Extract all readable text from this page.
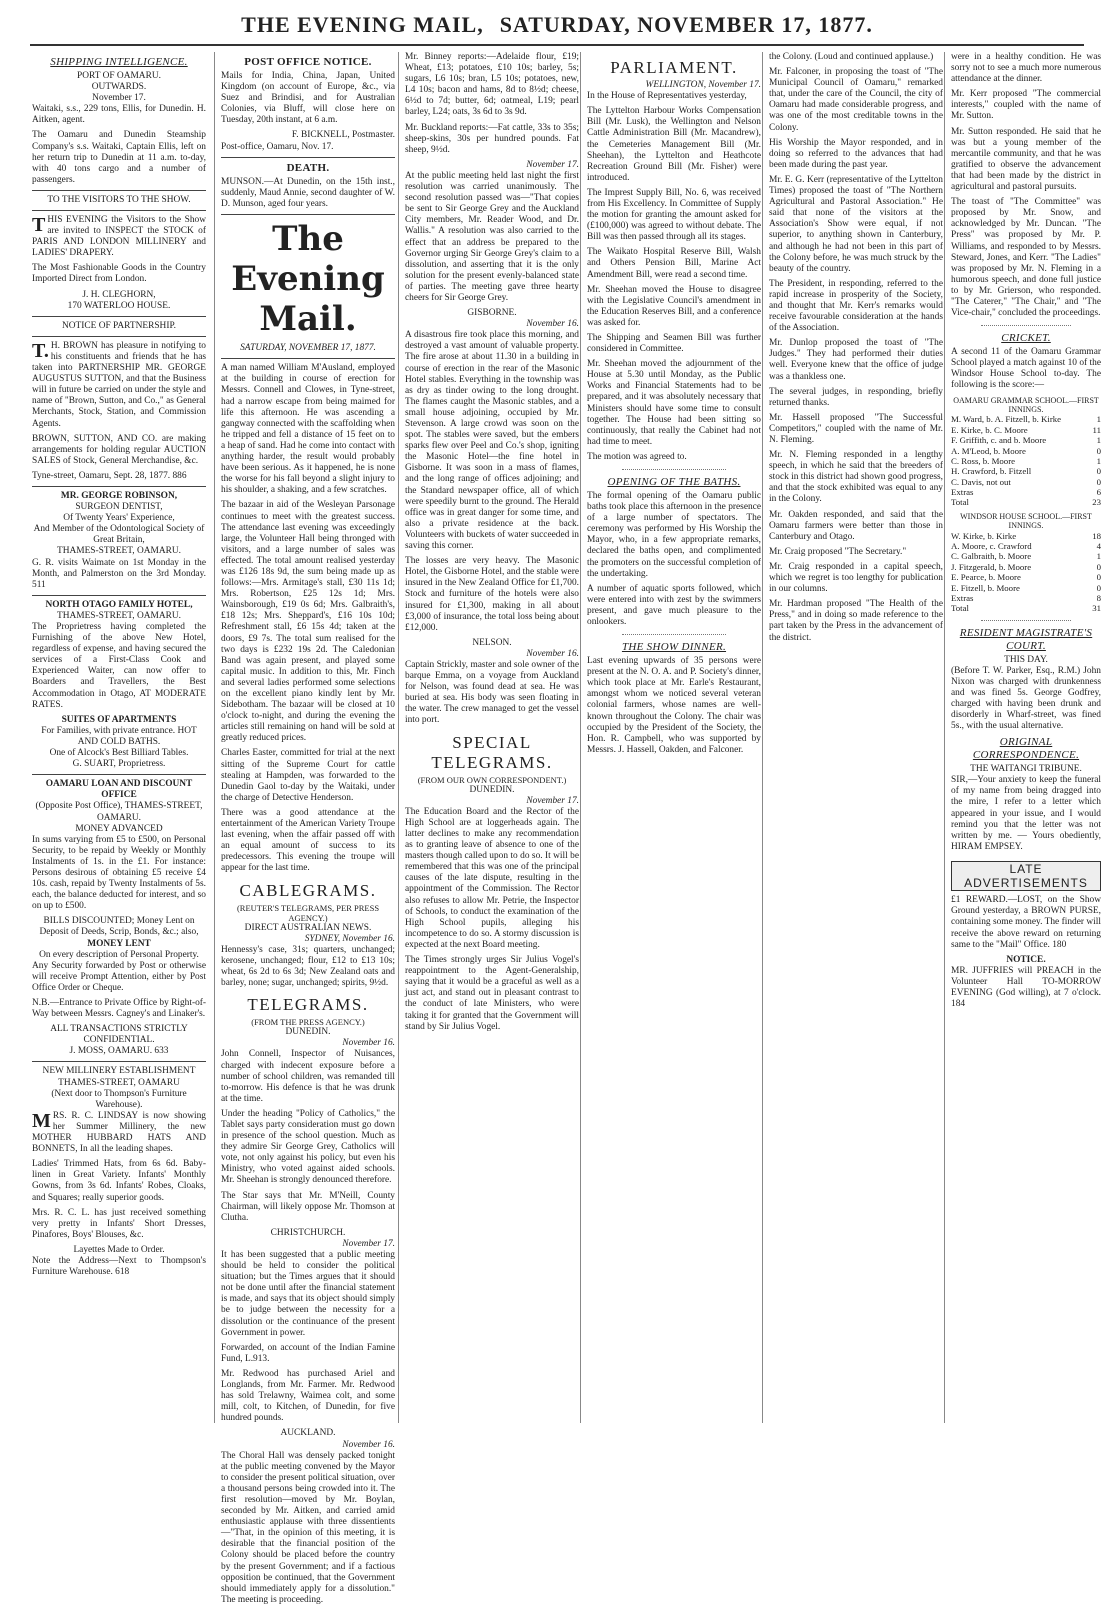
THE EVENING MAIL, SATURDAY, NOVEMBER 17, 1877.
SHIPPING INTELLIGENCE.
PORT OF OAMARU.
OUTWARDS.
November 17.

Waitaki, s.s., 229 tons, Ellis, for Dunedin. H. Aitken, agent.

The Oamaru and Dunedin Steamship Company's s.s. Waitaki, Captain Ellis, left on her return trip to Dunedin at 11 a.m. to-day, with 40 tons cargo and a number of passengers.

TO THE VISITORS TO THE SHOW.

THIS EVENING the Visitors to the Show are invited to INSPECT the STOCK of PARIS AND LONDON MILLINERY and LADIES' DRAPERY.

The Most Fashionable Goods in the Country Imported Direct from London.

J. H. CLEGHORN,
170 WATERLOO HOUSE.
NOTICE OF PARTNERSHIP.

T.H. BROWN has pleasure in notifying to his constituents and friends that he has taken into PARTNERSHIP MR. GEORGE AUGUSTUS SUTTON, and that the Business will in future be carried on under the style and name of "Brown, Sutton, and Co.," as General Merchants, Stock, Station, and Commission Agents.

BROWN, SUTTON, AND CO. are making arrangements for holding regular AUCTION SALES of Stock, General Merchandise, &c.

Tyne-street, Oamaru, Sept. 28, 1877. 886
MR. GEORGE ROBINSON,
SURGEON DENTIST,
Of Twenty Years' Experience,
And Member of the Odontological Society of Great Britain,
THAMES-STREET, OAMARU.

G. R. visits Waimate on 1st Monday in the Month, and Palmerston on the 3rd Monday. 511

NORTH OTAGO FAMILY HOTEL,
THAMES-STREET, OAMARU.

The Proprietress having completed the Furnishing of the above New Hotel, regardless of expense, and having secured the services of a First-Class Cook and Experienced Waiter, can now offer to Boarders and Travellers, the Best Accommodation in Otago, AT MODERATE RATES.

SUITES OF APARTMENTS
For Families, with private entrance. HOT AND COLD BATHS.
One of Alcock's Best Billiard Tables.
G. SUART, Proprietress.
OAMARU LOAN AND DISCOUNT OFFICE
(Opposite Post Office), THAMES-STREET, OAMARU.
MONEY ADVANCED

In sums varying from £5 to £500, on Personal Security, to be repaid by Weekly or Monthly Instalments of 1s. in the £1. For instance: Persons desirous of obtaining £5 receive £4 10s. cash, repaid by Twenty Instalments of 5s. each, the balance deducted for interest, and so on up to £500.

BILLS DISCOUNTED; Money Lent on Deposit of Deeds, Scrip, Bonds, &c.; also,
MONEY LENT
On every description of Personal Property.

Any Security forwarded by Post or otherwise will receive Prompt Attention, either by Post Office Order or Cheque.

N.B.—Entrance to Private Office by Right-of-Way between Messrs. Cagney's and Linaker's.

ALL TRANSACTIONS STRICTLY CONFIDENTIAL.
J. MOSS, OAMARU. 633
NEW MILLINERY ESTABLISHMENT
THAMES-STREET, OAMARU
(Next door to Thompson's Furniture Warehouse).

MRS. R. C. LINDSAY is now showing her Summer Millinery, the new MOTHER HUBBARD HATS AND BONNETS, In all the leading shapes.

Ladies' Trimmed Hats, from 6s 6d. Baby-linen in Great Variety. Infants' Monthly Gowns, from 3s 6d. Infants' Robes, Cloaks, and Squares; really superior goods.

Mrs. R. C. L. has just received something very pretty in Infants' Short Dresses, Pinafores, Boys' Blouses, &c.

Layettes Made to Order.

Note the Address—Next to Thompson's Furniture Warehouse. 618

POST OFFICE NOTICE.

Mails for India, China, Japan, United Kingdom (on account of Europe, &c., via Suez and Brindisi, and for Australian Colonies, via Bluff, will close here on Tuesday, 20th instant, at 6 a.m.

F. BICKNELL, Postmaster.
Post-office, Oamaru, Nov. 17.
DEATH.

MUNSON.—At Dunedin, on the 15th inst., suddenly, Maud Annie, second daughter of W. D. Munson, aged four years.

The Evening Mail.
SATURDAY, NOVEMBER 17, 1877.

A man named William M'Ausland, employed at the building in course of erection for Messrs. Connell and Clowes, in Tyne-street, had a narrow escape from being maimed for life this afternoon. He was ascending a gangway connected with the scaffolding when he tripped and fell a distance of 15 feet on to a heap of sand. Had he come into contact with anything harder, the result would probably have been serious. As it happened, he is none the worse for his fall beyond a slight injury to his shoulder, a shaking, and a few scratches.

The bazaar in aid of the Wesleyan Parsonage continues to meet with the greatest success. The attendance last evening was exceedingly large, the Volunteer Hall being thronged with visitors, and a large number of sales was effected. The total amount realised yesterday was £126 18s 9d, the sum being made up as follows:—Mrs. Armitage's stall, £30 11s 1d; Mrs. Robertson, £25 12s 1d; Mrs. Wainsborough, £19 0s 6d; Mrs. Galbraith's, £18 12s; Mrs. Sheppard's, £16 10s 10d; Refreshment stall, £6 15s 4d; taken at the doors, £9 7s. The total sum realised for the two days is £232 19s 2d. The Caledonian Band was again present, and played some capital music. In addition to this, Mr. Finch and several ladies performed some selections on the excellent piano kindly lent by Mr. Sidebotham. The bazaar will be closed at 10 o'clock to-night, and during the evening the articles still remaining on hand will be sold at greatly reduced prices.

Charles Easter, committed for trial at the next sitting of the Supreme Court for cattle stealing at Hampden, was forwarded to the Dunedin Gaol to-day by the Waitaki, under the charge of Detective Henderson.

There was a good attendance at the entertainment of the American Variety Troupe last evening, when the affair passed off with an equal amount of success to its predecessors. This evening the troupe will appear for the last time.

CABLEGRAMS.
(REUTER'S TELEGRAMS, PER PRESS AGENCY.)
DIRECT AUSTRALIAN NEWS.
SYDNEY, November 16.

Hennessy's case, 31s; quarters, unchanged; kerosene, unchanged; flour, £12 to £13 10s; wheat, 6s 2d to 6s 3d; New Zealand oats and barley, none; sugar, unchanged; spirits, 9½d.

TELEGRAMS.
(FROM THE PRESS AGENCY.)
DUNEDIN.
November 16.

John Connell, Inspector of Nuisances, charged with indecent exposure before a number of school children, was remanded till to-morrow. His defence is that he was drunk at the time.

Under the heading "Policy of Catholics," the Tablet says party consideration must go down in presence of the school question. Much as they admire Sir George Grey, Catholics will vote, not only against his policy, but even his Ministry, who voted against aided schools. Mr. Sheehan is strongly denounced therefore.

The Star says that Mr. M'Neill, County Chairman, will likely oppose Mr. Thomson at Clutha.

CHRISTCHURCH.
November 17.

It has been suggested that a public meeting should be held to consider the political situation; but the Times argues that it should not be done until after the financial statement is made, and says that its object should simply be to judge between the necessity for a dissolution or the continuance of the present Government in power.

Forwarded, on account of the Indian Famine Fund, L.913.

Mr. Redwood has purchased Ariel and Longlands, from Mr. Farmer. Mr. Redwood has sold Trelawny, Waimea colt, and some mill, colt, to Kitchen, of Dunedin, for five hundred pounds.

AUCKLAND.
November 16.

The Choral Hall was densely packed tonight at the public meeting convened by the Mayor to consider the present political situation, over a thousand persons being crowded into it. The first resolution—moved by Mr. Boylan, seconded by Mr. Aitken, and carried amid enthusiastic applause with three dissentients—"That, in the opinion of this meeting, it is desirable that the financial position of the Colony should be placed before the country by the present Government; and if a factious opposition be continued, that the Government should immediately apply for a dissolution." The meeting is proceeding.

Mr. Binney reports:—Adelaide flour, £19; Wheat, £13; potatoes, £10 10s; barley, 5s; sugars, L6 10s; bran, L5 10s; potatoes, new, L4 10s; bacon and hams, 8d to 8½d; cheese, 6½d to 7d; butter, 6d; oatmeal, L19; pearl barley, L24; oats, 3s 6d to 3s 9d.

Mr. Buckland reports:—Fat cattle, 33s to 35s; sheep-skins, 30s per hundred pounds. Fat sheep, 9½d.

November 17.

At the public meeting held last night the first resolution was carried unanimously. The second resolution passed was—"That copies be sent to Sir George Grey and the Auckland City members, Mr. Reader Wood, and Dr. Wallis." A resolution was also carried to the effect that an address be prepared to the Governor urging Sir George Grey's claim to a dissolution, and asserting that it is the only solution for the present evenly-balanced state of parties. The meeting gave three hearty cheers for Sir George Grey.

GISBORNE.
November 16.

A disastrous fire took place this morning, and destroyed a vast amount of valuable property. The fire arose at about 11.30 in a building in course of erection in the rear of the Masonic Hotel stables. Everything in the township was as dry as tinder owing to the long drought. The flames caught the Masonic stables, and a small house adjoining, occupied by Mr. Stevenson. A large crowd was soon on the spot. The stables were saved, but the embers sparks flew over Peel and Co.'s shop, igniting the Masonic Hotel—the fine hotel in Gisborne. It was soon in a mass of flames, and the long range of offices adjoining; and the Standard newspaper office, all of which were speedily burnt to the ground. The Herald office was in great danger for some time, and also a private residence at the back. Volunteers with buckets of water succeeded in saving this corner.

The losses are very heavy. The Masonic Hotel, the Gisborne Hotel, and the stable were insured in the New Zealand Office for £1,700. Stock and furniture of the hotels were also insured for £1,300, making in all about £3,000 of insurance, the total loss being about £12,000.

NELSON.
November 16.

Captain Strickly, master and sole owner of the barque Emma, on a voyage from Auckland for Nelson, was found dead at sea. He was buried at sea. His body was seen floating in the water. The crew managed to get the vessel into port.

SPECIAL TELEGRAMS.
(FROM OUR OWN CORRESPONDENT.)
DUNEDIN.
November 17.

The Education Board and the Rector of the High School are at loggerheads again. The latter declines to make any recommendation as to granting leave of absence to one of the masters though called upon to do so. It will be remembered that this was one of the principal causes of the late dispute, resulting in the appointment of the Commission. The Rector also refuses to allow Mr. Petrie, the Inspector of Schools, to conduct the examination of the High School pupils, alleging his incompetence to do so. A stormy discussion is expected at the next Board meeting.

The Times strongly urges Sir Julius Vogel's reappointment to the Agent-Generalship, saying that it would be a graceful as well as a just act, and stand out in pleasant contrast to the conduct of late Ministers, who were taking it for granted that the Government will stand by Sir Julius Vogel.

PARLIAMENT.
WELLINGTON, November 17.

In the House of Representatives yesterday,

The Lyttelton Harbour Works Compensation Bill (Mr. Lusk), the Wellington and Nelson Cattle Administration Bill (Mr. Macandrew), the Cemeteries Management Bill (Mr. Sheehan), the Lyttelton and Heathcote Recreation Ground Bill (Mr. Fisher) were introduced.

The Imprest Supply Bill, No. 6, was received from His Excellency. In Committee of Supply the motion for granting the amount asked for (£100,000) was agreed to without debate. The Bill was then passed through all its stages.

The Waikato Hospital Reserve Bill, Walsh and Others Pension Bill, Marine Act Amendment Bill, were read a second time.

Mr. Sheehan moved the House to disagree with the Legislative Council's amendment in the Education Reserves Bill, and a conference was asked for.

The Shipping and Seamen Bill was further considered in Committee.

Mr. Sheehan moved the adjournment of the House at 5.30 until Monday, as the Public Works and Financial Statements had to be prepared, and it was absolutely necessary that Ministers should have some time to consult together. The House had been sitting so continuously, that really the Cabinet had not had time to meet.

The motion was agreed to.

OPENING OF THE BATHS.

The formal opening of the Oamaru public baths took place this afternoon in the presence of a large number of spectators. The ceremony was performed by His Worship the Mayor, who, in a few appropriate remarks, declared the baths open, and complimented the promoters on the successful completion of the undertaking.

A number of aquatic sports followed, which were entered into with zest by the swimmers present, and gave much pleasure to the onlookers.

THE SHOW DINNER.

Last evening upwards of 35 persons were present at the N. O. A. and P. Society's dinner, which took place at Mr. Earle's Restaurant, amongst whom we noticed several veteran colonial farmers, whose names are well-known throughout the Colony. The chair was occupied by the President of the Society, the Hon. R. Campbell, who was supported by Messrs. J. Hassell, Oakden, and Falconer.

the Colony. (Loud and continued applause.)

Mr. Falconer, in proposing the toast of "The Municipal Council of Oamaru," remarked that, under the care of the Council, the city of Oamaru had made considerable progress, and was one of the most creditable towns in the Colony.

His Worship the Mayor responded, and in doing so referred to the advances that had been made during the past year.

Mr. E. G. Kerr (representative of the Lyttelton Times) proposed the toast of "The Northern Agricultural and Pastoral Association." He said that none of the visitors at the Association's Show were equal, if not superior, to anything shown in Canterbury, and although he had not been in this part of the Colony before, he was much struck by the beauty of the country.

The President, in responding, referred to the rapid increase in prosperity of the Society, and thought that Mr. Kerr's remarks would receive favourable consideration at the hands of the Association.

Mr. Dunlop proposed the toast of "The Judges." They had performed their duties well. Everyone knew that the office of judge was a thankless one.

The several judges, in responding, briefly returned thanks.

Mr. Hassell proposed "The Successful Competitors," coupled with the name of Mr. N. Fleming.

Mr. N. Fleming responded in a lengthy speech, in which he said that the breeders of stock in this district had shown good progress, and that the stock exhibited was equal to any in the Colony.

Mr. Oakden responded, and said that the Oamaru farmers were better than those in Canterbury and Otago.

Mr. Craig proposed "The Secretary."

Mr. Craig responded in a capital speech, which we regret is too lengthy for publication in our columns.

Mr. Hardman proposed "The Health of the Press," and in doing so made reference to the part taken by the Press in the advancement of the district.

were in a healthy condition. He was sorry not to see a much more numerous attendance at the dinner.

Mr. Kerr proposed "The commercial interests," coupled with the name of Mr. Sutton.

Mr. Sutton responded. He said that he was but a young member of the mercantile community, and that he was gratified to observe the advancement that had been made by the district in agricultural and pastoral pursuits.

The toast of "The Committee" was proposed by Mr. Snow, and acknowledged by Mr. Duncan. "The Press" was proposed by Mr. P. Williams, and responded to by Messrs. Steward, Jones, and Kerr. "The Ladies" was proposed by Mr. N. Fleming in a humorous speech, and done full justice to by Mr. Grierson, who responded. "The Caterer," "The Chair," and "The Vice-chair," concluded the proceedings.

CRICKET.

A second 11 of the Oamaru Grammar School played a match against 10 of the Windsor House School to-day. The following is the score:—

OAMARU GRAMMAR SCHOOL.—FIRST INNINGS.
M. Ward, b. A. Fitzell, b. Kirke	1
E. Kirke, b. C. Moore	11
F. Griffith, c. and b. Moore	1
A. M'Leod, b. Moore	0
C. Ross, b. Moore	1
H. Crawford, b. Fitzell	0
C. Davis, not out	0
Extras	6
Total	23
WINDSOR HOUSE SCHOOL.—FIRST INNINGS.
W. Kirke, b. Kirke	18
A. Moore, c. Crawford	4
C. Galbraith, b. Moore	1
J. Fitzgerald, b. Moore	0
E. Pearce, b. Moore	0
E. Fitzell, b. Moore	0
Extras	8
Total	31
RESIDENT MAGISTRATE'S COURT.
THIS DAY.

(Before T. W. Parker, Esq., R.M.) John Nixon was charged with drunkenness and was fined 5s. George Godfrey, charged with having been drunk and disorderly in Wharf-street, was fined 5s., with the usual alternative.

ORIGINAL CORRESPONDENCE.
THE WAITANGI TRIBUNE.

SIR,—Your anxiety to keep the funeral of my name from being dragged into the mire, I refer to a letter which appeared in your issue, and I would remind you that the letter was not written by me. — Yours obediently, HIRAM EMPSEY.

LATE ADVERTISEMENTS

£1 REWARD.—LOST, on the Show Ground yesterday, a BROWN PURSE, containing some money. The finder will receive the above reward on returning same to the "Mail" Office. 180

NOTICE.

MR. JUFFRIES will PREACH in the Volunteer Hall TO-MORROW EVENING (God willing), at 7 o'clock. 184
